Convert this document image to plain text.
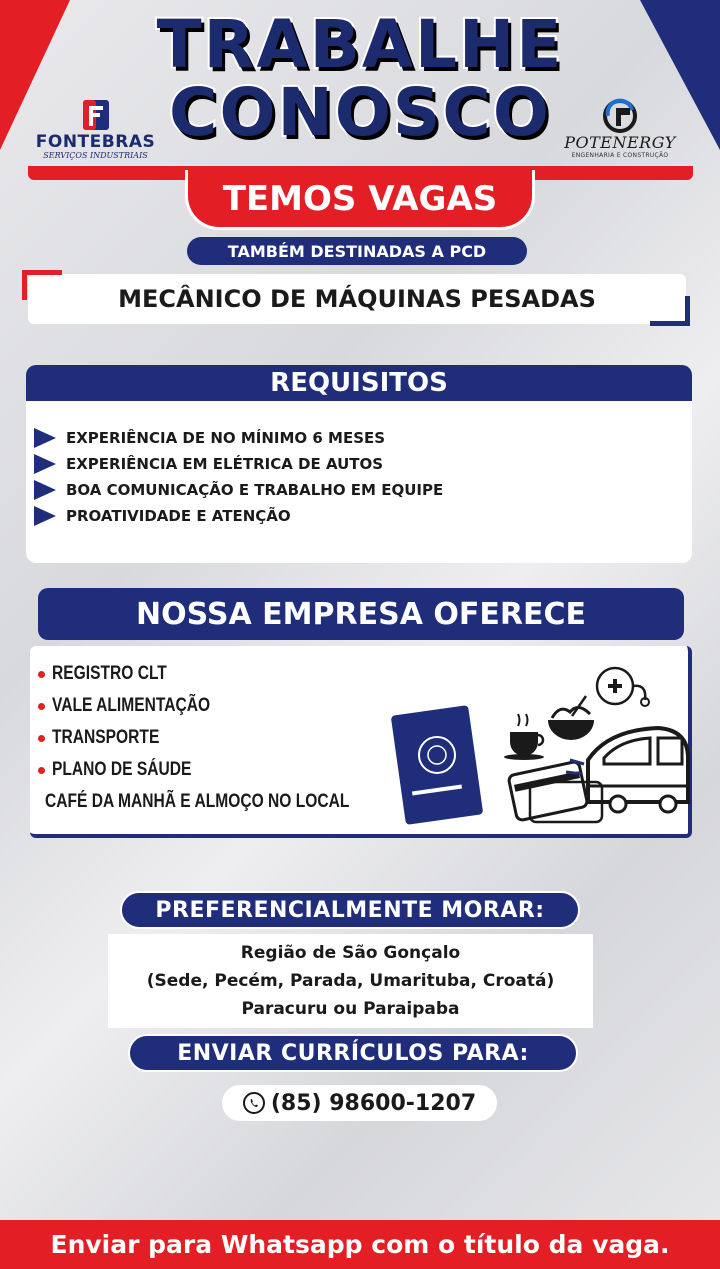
TRABALHE
CONOSCO
FONTEBRAS
SERVIÇOS INDUSTRIAIS
POTENERGY
ENGENHARIA E CONSTRUÇÃO
TEMOS VAGAS
TAMBÉM DESTINADAS A PCD
MECÂNICO DE MÁQUINAS PESADAS
REQUISITOS
EXPERIÊNCIA DE NO MÍNIMO 6 MESES
EXPERIÊNCIA EM ELÉTRICA DE AUTOS
BOA COMUNICAÇÃO E TRABALHO EM EQUIPE
PROATIVIDADE E ATENÇÃO
NOSSA EMPRESA OFERECE
REGISTRO CLT
VALE ALIMENTAÇÃO
TRANSPORTE
PLANO DE SÁUDE
CAFÉ DA MANHÃ E ALMOÇO NO LOCAL
PREFERENCIALMENTE MORAR:
Região de São Gonçalo
(Sede, Pecém, Parada, Umarituba, Croatá)
Paracuru ou Paraipaba
ENVIAR CURRÍCULOS PARA:
(85) 98600-1207
Enviar para Whatsapp com o título da vaga.
